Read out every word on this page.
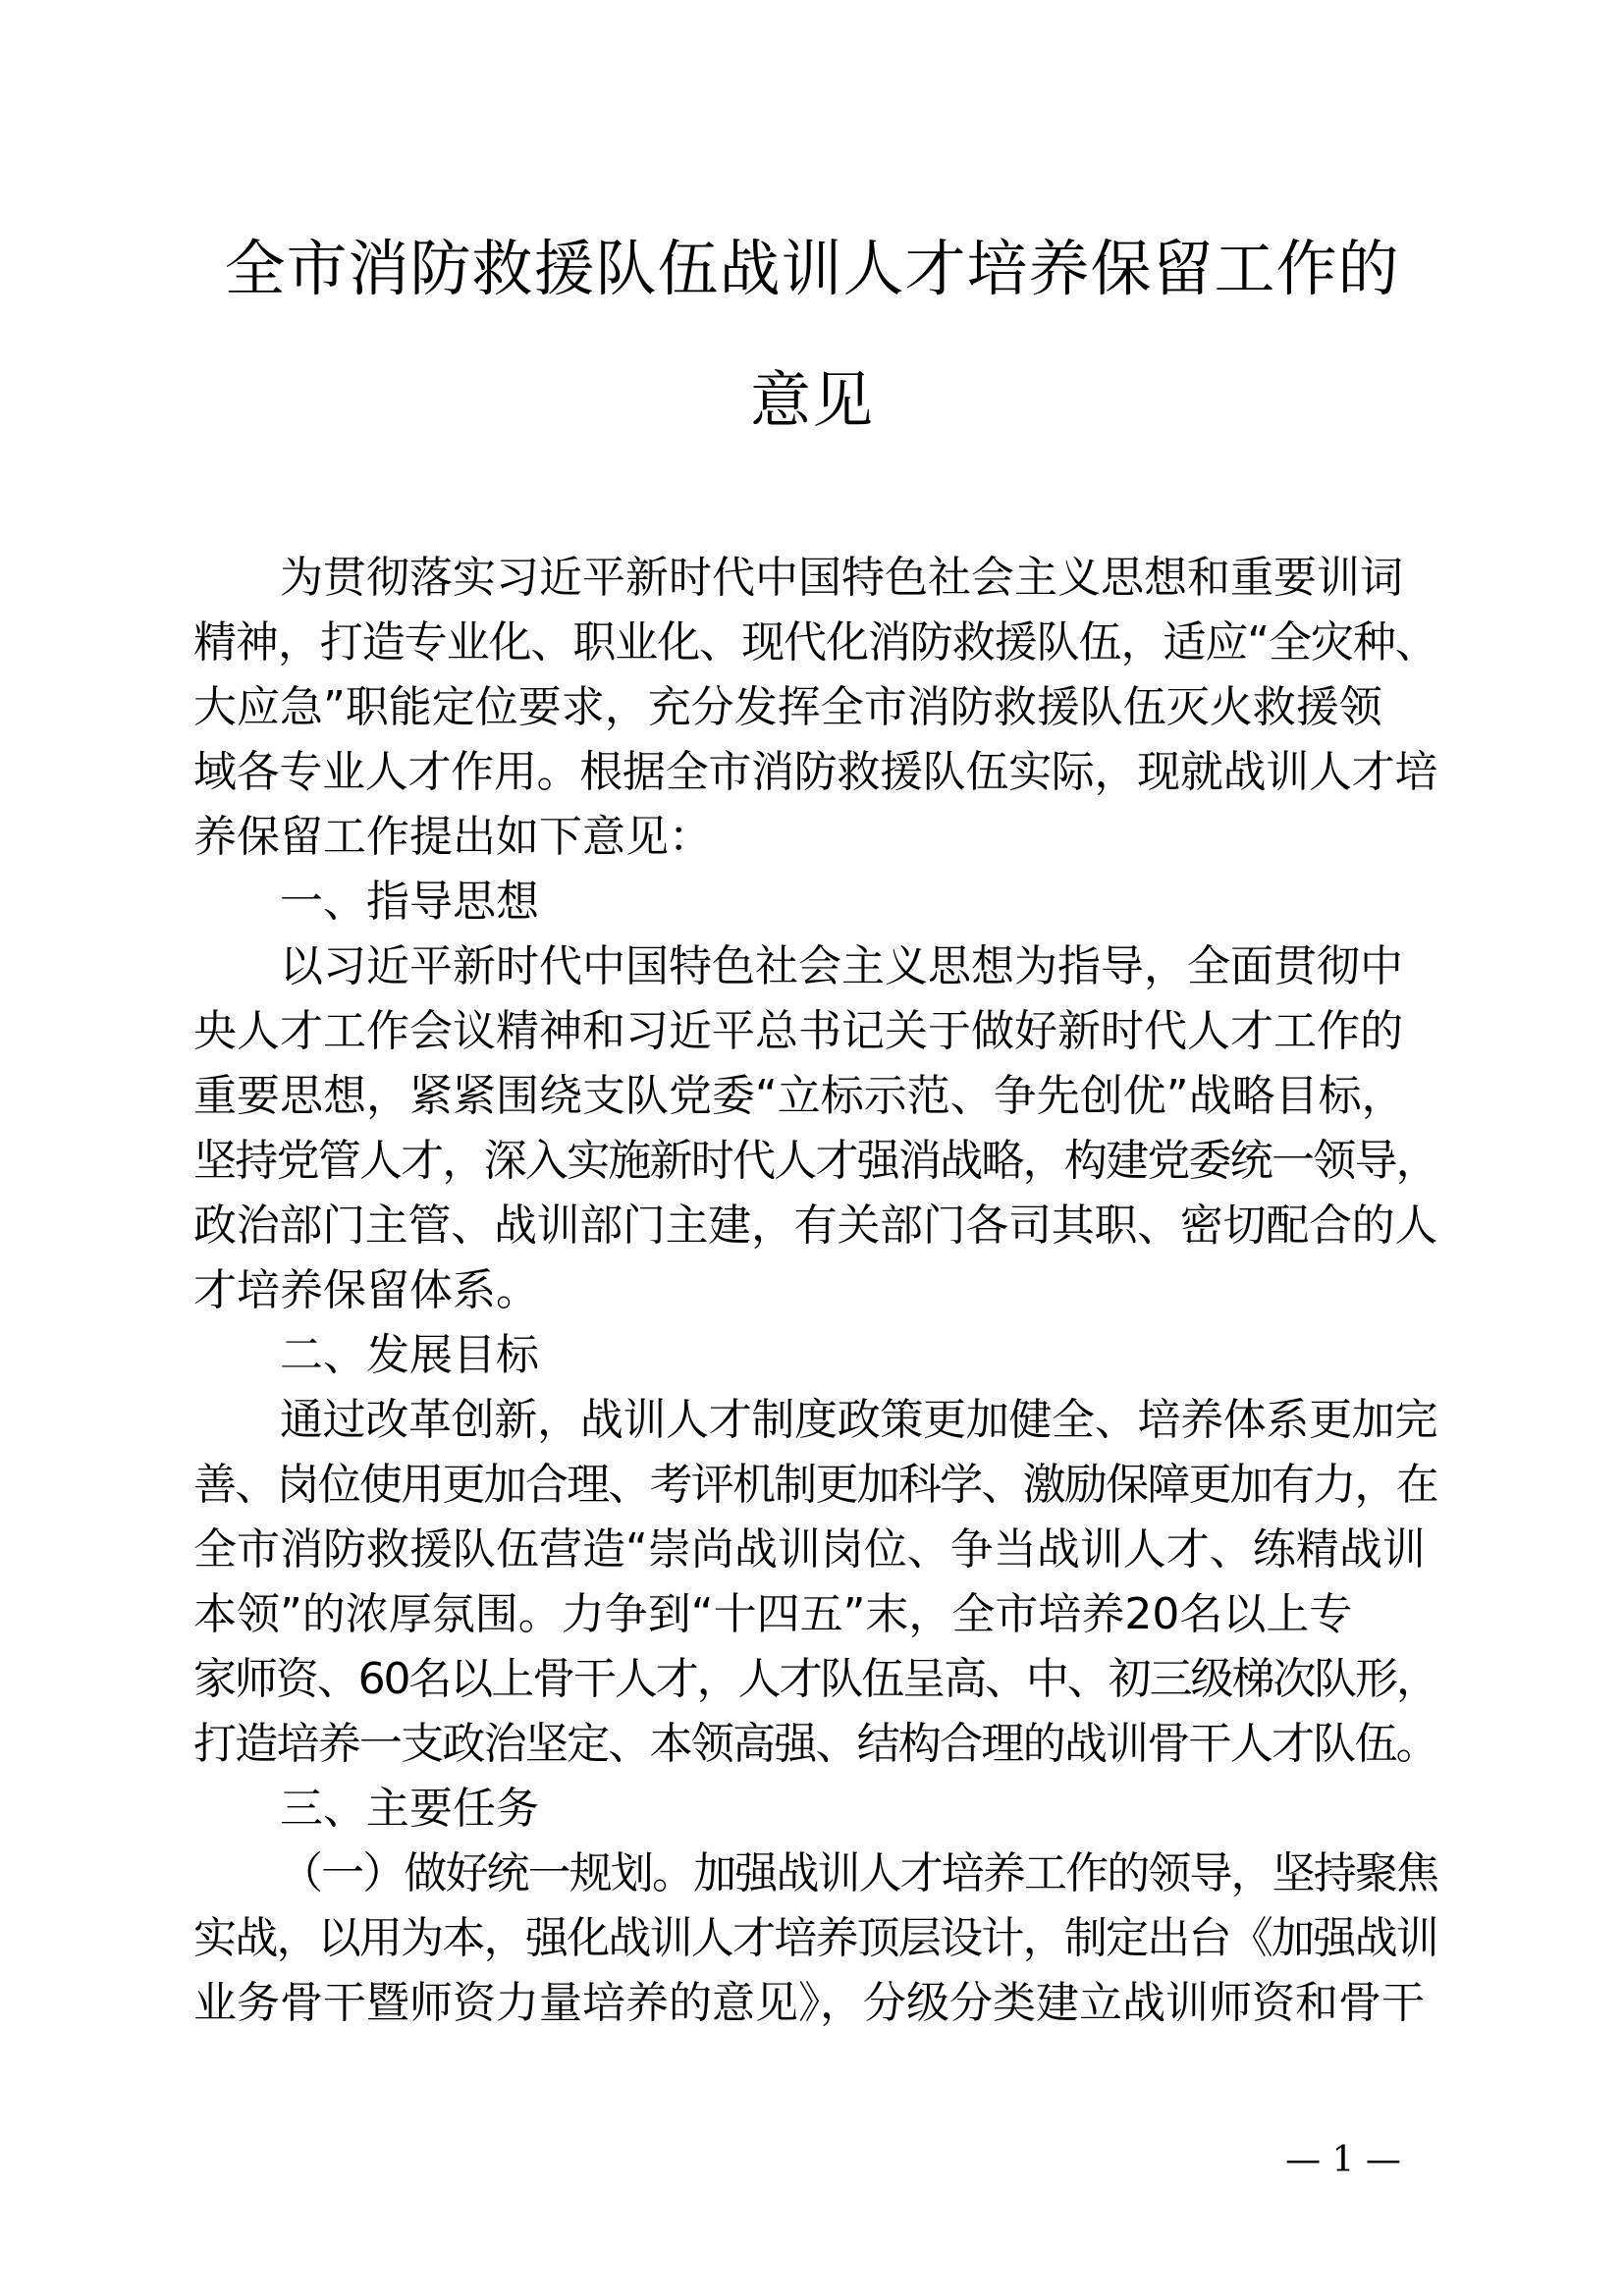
全市消防救援队伍战训人才培养保留工作的
意见

为贯彻落实习近平新时代中国特色社会主义思想和重要训词

精神，打造专业化、职业化、现代化消防救援队伍，适应“全灾种、

大应急”职能定位要求，充分发挥全市消防救援队伍灭火救援领

域各专业人才作用。根据全市消防救援队伍实际，现就战训人才培

养保留工作提出如下意见：

一、指导思想

以习近平新时代中国特色社会主义思想为指导，全面贯彻中

央人才工作会议精神和习近平总书记关于做好新时代人才工作的

重要思想，紧紧围绕支队党委“立标示范、争先创优”战略目标，

坚持党管人才，深入实施新时代人才强消战略，构建党委统一领导，

政治部门主管、战训部门主建，有关部门各司其职、密切配合的人

才培养保留体系。

二、发展目标

通过改革创新，战训人才制度政策更加健全、培养体系更加完

善、岗位使用更加合理、考评机制更加科学、激励保障更加有力，在

全市消防救援队伍营造“崇尚战训岗位、争当战训人才、练精战训

本领”的浓厚氛围。力争到“十四五”末，全市培养20名以上专

家师资、60名以上骨干人才，人才队伍呈高、中、初三级梯次队形，

打造培养一支政治坚定、本领高强、结构合理的战训骨干人才队伍。

三、主要任务

（一）做好统一规划。加强战训人才培养工作的领导，坚持聚焦

实战，以用为本，强化战训人才培养顶层设计，制定出台《加强战训

业务骨干暨师资力量培养的意见》，分级分类建立战训师资和骨干

— 1 —
